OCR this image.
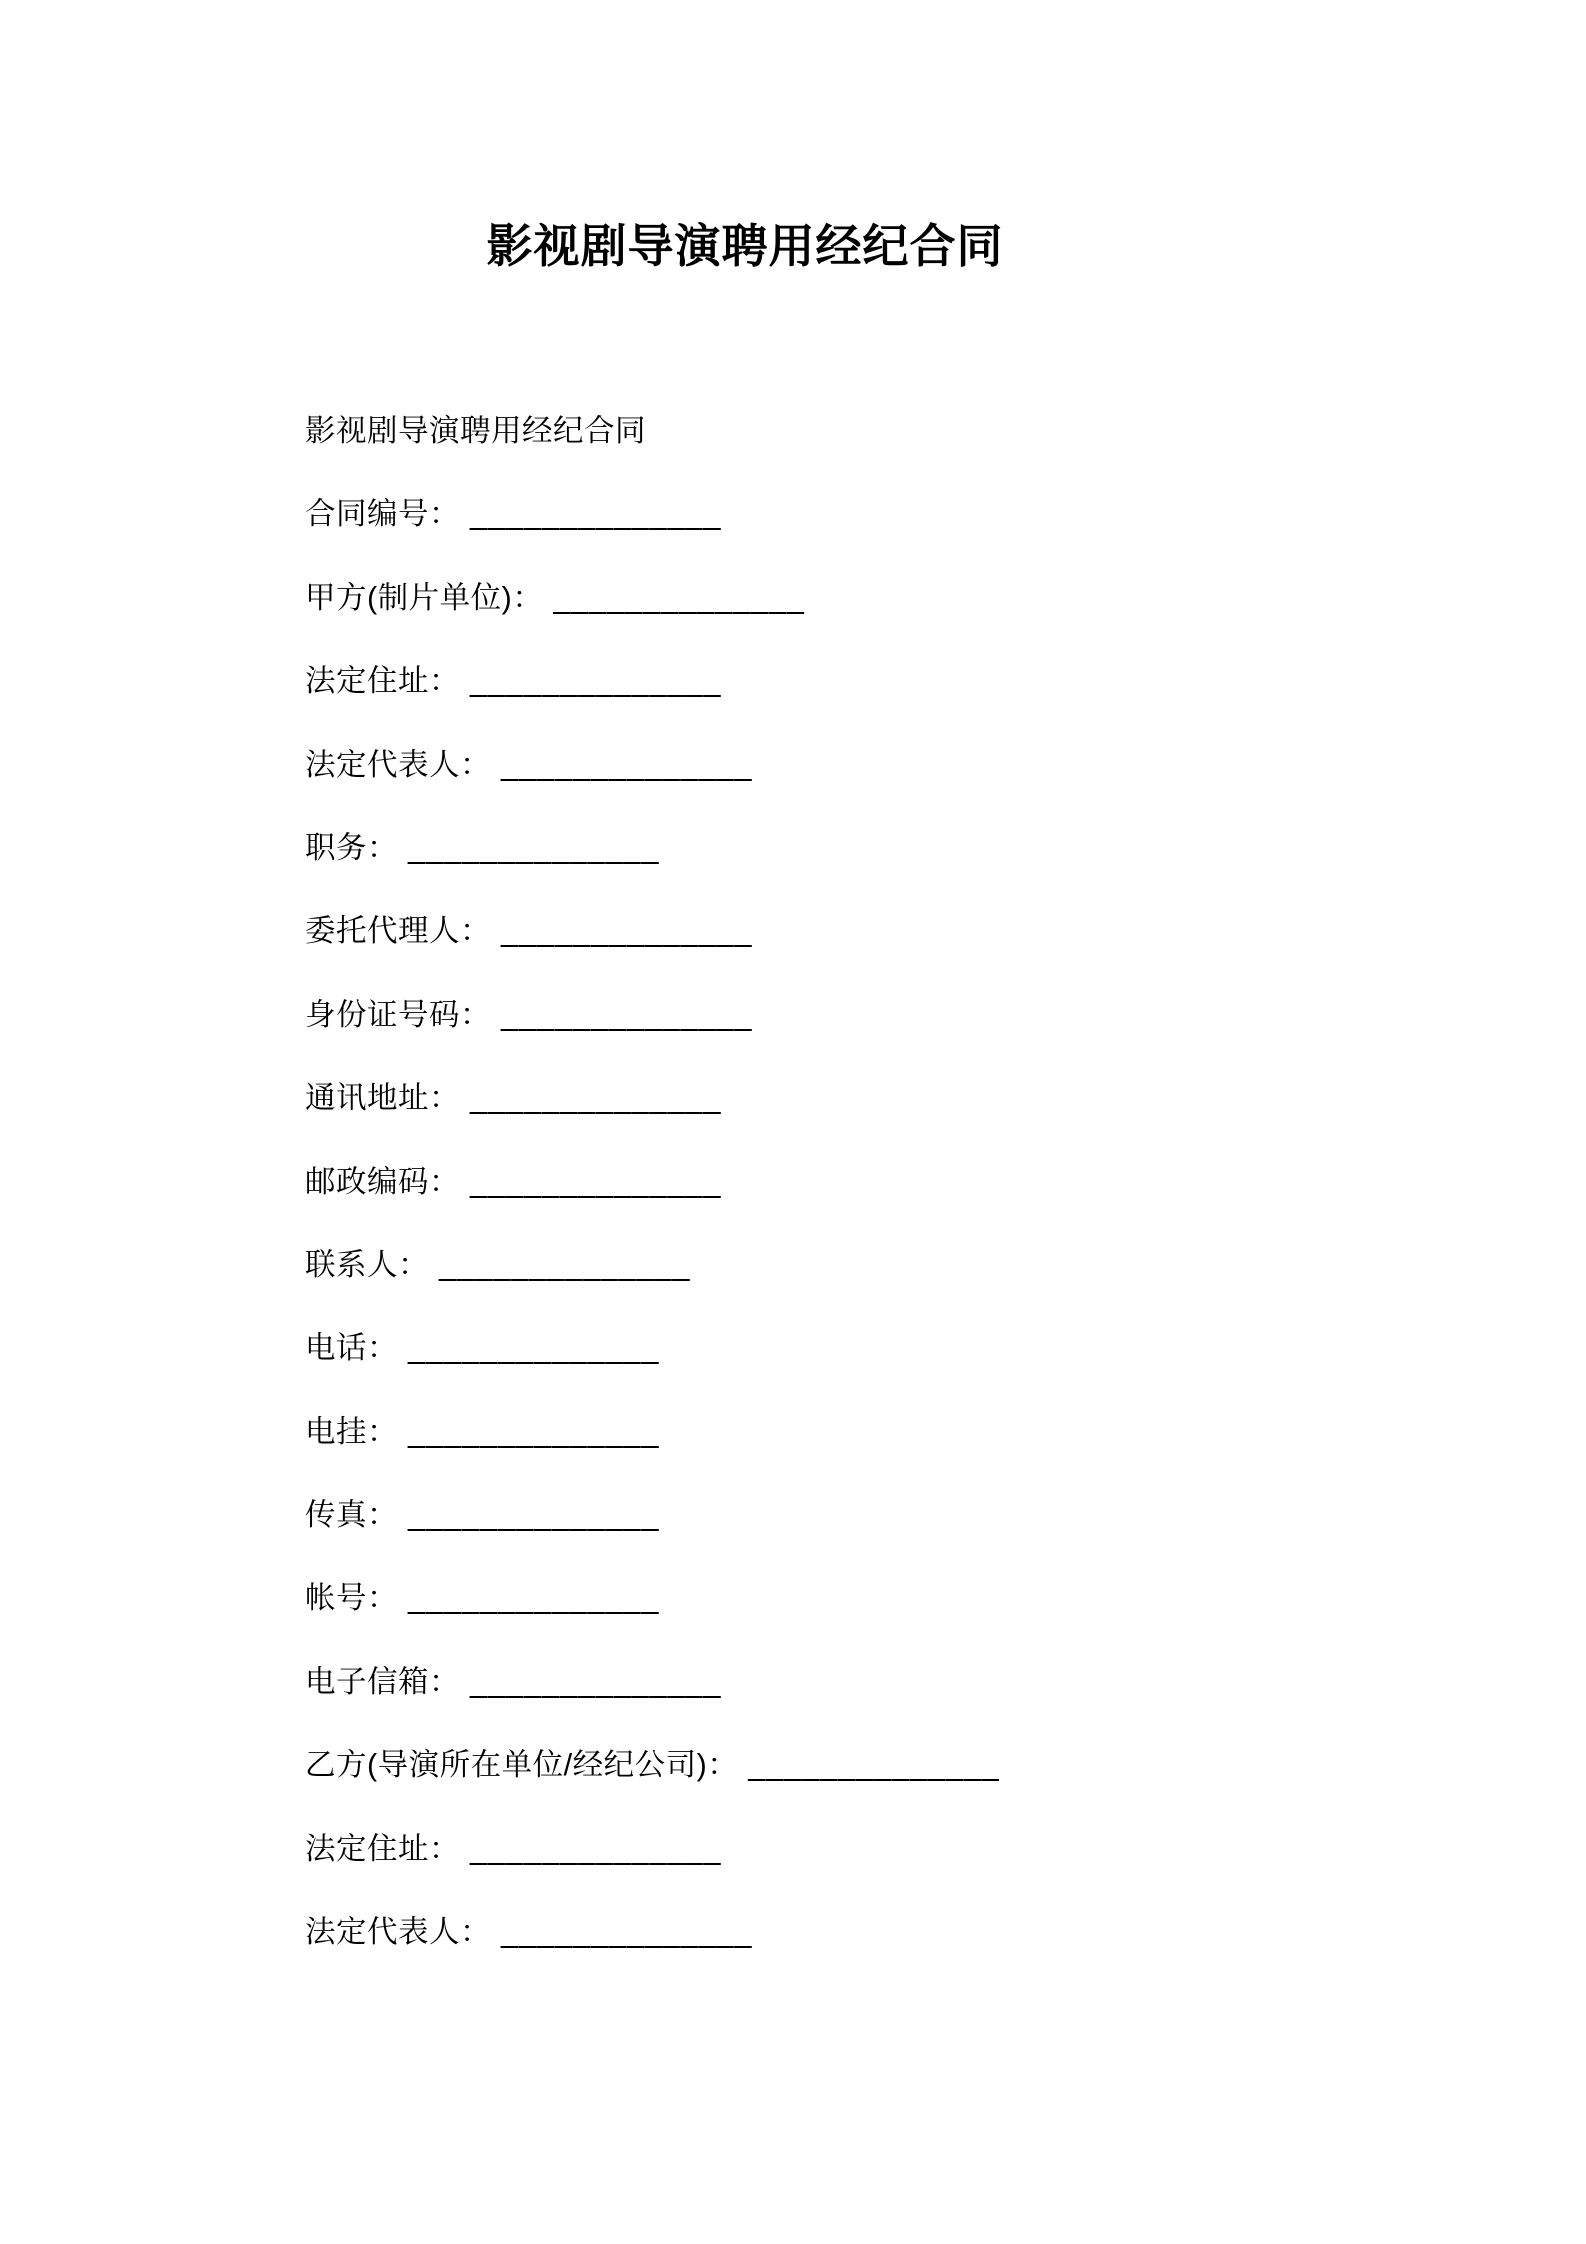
影视剧导演聘用经纪合同

影视剧导演聘用经纪合同

合同编号： ______________

甲方(制片单位)： ______________

法定住址： ______________

法定代表人： ______________

职务： ______________

委托代理人： ______________

身份证号码： ______________

通讯地址： ______________

邮政编码： ______________

联系人： ______________

电话： ______________

电挂： ______________

传真： ______________

帐号： ______________

电子信箱： ______________

乙方(导演所在单位/经纪公司)： ______________

法定住址： ______________

法定代表人： ______________
